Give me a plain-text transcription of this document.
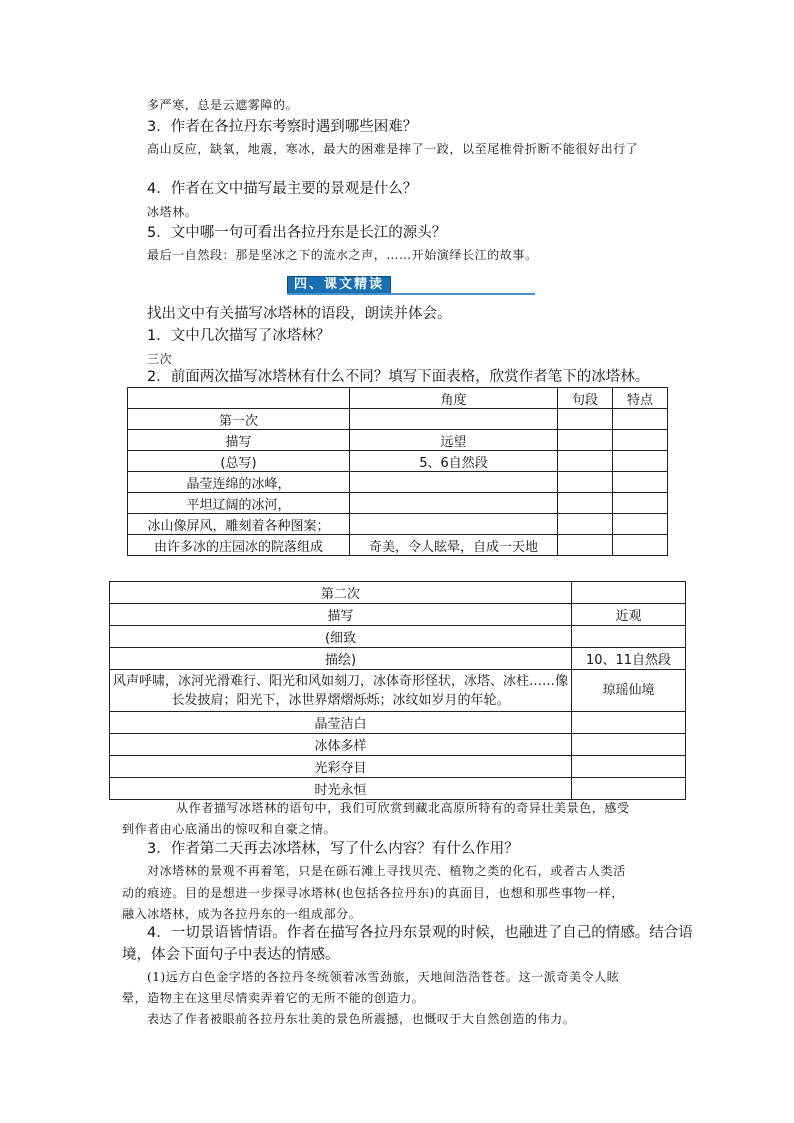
多严寒，总是云遮雾障的。
3．作者在各拉丹东考察时遇到哪些困难？
高山反应，缺氧，地震，寒冰，最大的困难是摔了一跤，以至尾椎骨折断不能很好出行了
4．作者在文中描写最主要的景观是什么？
冰塔林。
5．文中哪一句可看出各拉丹东是长江的源头？
最后一自然段：那是坚冰之下的流水之声，……开始演绎长江的故事。
四、课文精读
找出文中有关描写冰塔林的语段，朗读并体会。
1．文中几次描写了冰塔林？
三次
2．前面两次描写冰塔林有什么不同？填写下面表格，欣赏作者笔下的冰塔林。
	角度	句段	特点
第一次			
描写	远望		
(总写)	5、6自然段		
晶莹连绵的冰峰，			
平坦辽阔的冰河，			
冰山像屏风，雕刻着各种图案；			
由许多冰的庄园冰的院落组成	奇美，令人眩晕，自成一天地		
第二次	
描写	近观
(细致	
描绘)	10、11自然段
风声呼啸，冰河光滑难行、阳光和风如刻刀，冰体奇形怪状，冰塔、冰柱……像长发披肩；阳光下，冰世界熠熠烁烁；冰纹如岁月的年轮。	琼瑶仙境
晶莹洁白	
冰体多样	
光彩夺目	
时光永恒	
从作者描写冰塔林的语句中，我们可欣赏到藏北高原所特有的奇异壮美景色，感受
到作者由心底涌出的惊叹和自豪之情。
3．作者第二天再去冰塔林，写了什么内容？有什么作用？
对冰塔林的景观不再着笔，只是在砾石滩上寻找贝壳、植物之类的化石，或者古人类活
动的痕迹。目的是想进一步探寻冰塔林(也包括各拉丹东)的真面目，也想和那些事物一样，
融入冰塔林，成为各拉丹东的一组成部分。
4．一切景语皆情语。作者在描写各拉丹东景观的时候，也融进了自己的情感。结合语
境，体会下面句子中表达的情感。
(1)远方白色金字塔的各拉丹冬统领着冰雪劲旅，天地间浩浩苍苍。这一派奇美令人眩
晕，造物主在这里尽情卖弄着它的无所不能的创造力。
表达了作者被眼前各拉丹东壮美的景色所震撼，也慨叹于大自然创造的伟力。
